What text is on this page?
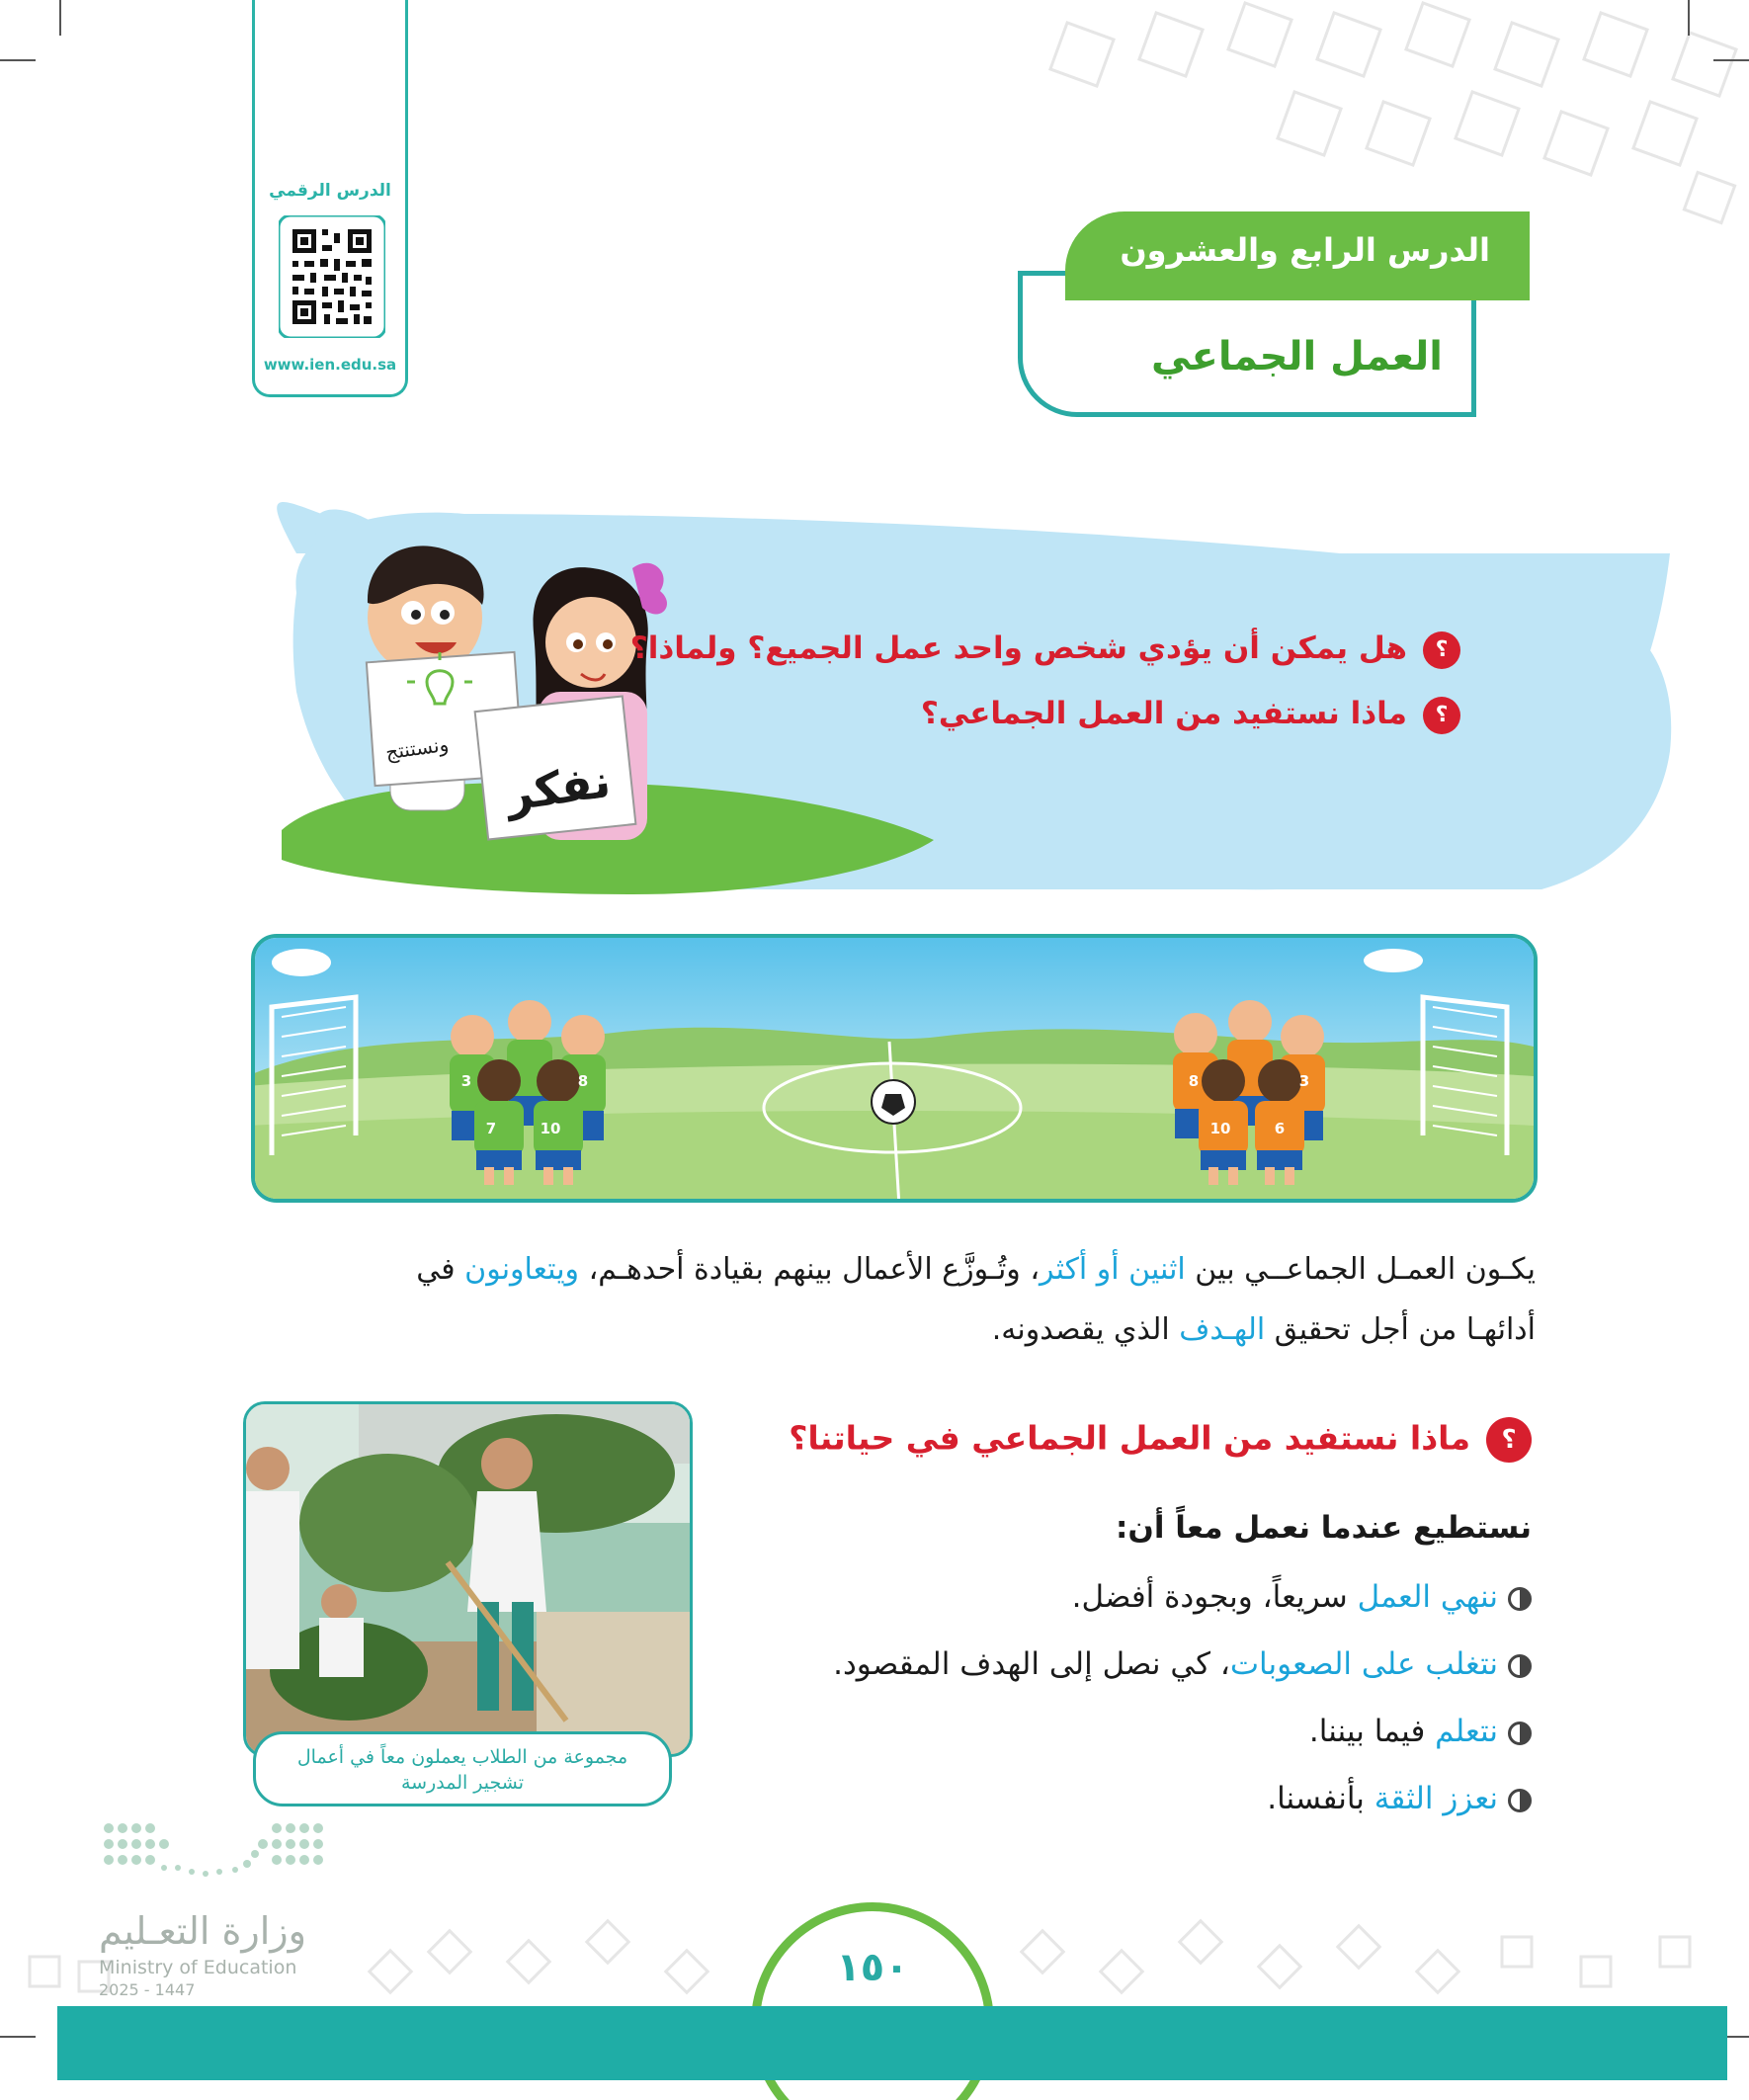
الدرس الرقمي
www.ien.edu.sa
الدرس الرابع والعشرون
العمل الجماعي
ونستنتج
نفكر
؟هل يمكن أن يؤدي شخص واحد عمل الجميع؟ ولماذا؟
؟ماذا نستفيد من العمل الجماعي؟
7	10
8
3
10	6
8	3
يكـون العمـل الجماعــي بين اثنين أو أكثر، وتُـوزَّع الأعمال بينهم بقيادة أحدهـم، ويتعاونون في
أدائهـا من أجل تحقيق الهـدف الذي يقصدونه.
مجموعة من الطلاب يعملون معاً في أعمال
تشجير المدرسة
؟ماذا نستفيد من العمل الجماعي في حياتنا؟
نستطيع عندما نعمل معاً أن:
ننهي العمل سريعاً، وبجودة أفضل.
نتغلب على الصعوبات، كي نصل إلى الهدف المقصود.
نتعلم فيما بيننا.
نعزز الثقة بأنفسنا.
وزارة التعـليم
Ministry of Education
2025 - 1447	١٥٠
